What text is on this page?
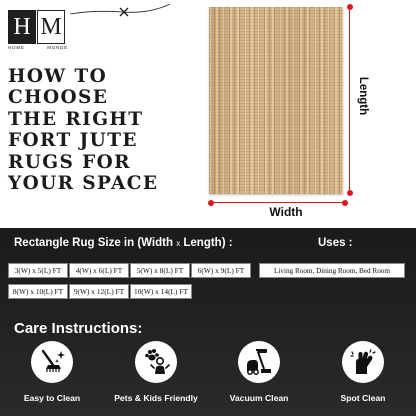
H M
HOME	MONDE
HOW TO
CHOOSE
THE RIGHT
FORT JUTE
RUGS FOR
YOUR SPACE
Length
Width
Rectangle Rug Size in (Width x Length) :	Uses :
3(W) x 5(L) FT	4(W) x 6(L) FT	5(W) x 8(L) FT	6(W) x 9(L) FT
8(W) x 10(L) FT	9(W) x 12(L) FT	10(W) x 14(L) FT
Living Room, Dining Room, Bed Room
Care Instructions:
Easy to Clean	Pets & Kids Friendly	Vacuum Clean	Spot Clean
